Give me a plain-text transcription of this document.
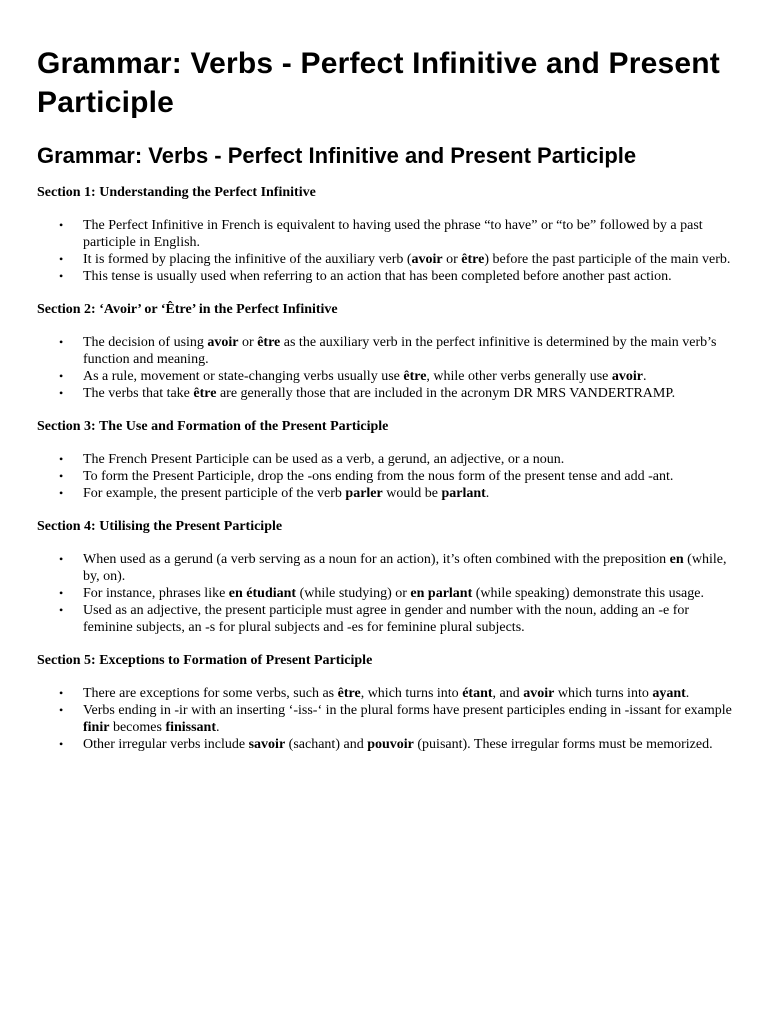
Grammar: Verbs - Perfect Infinitive and Present Participle
Grammar: Verbs - Perfect Infinitive and Present Participle
Section 1: Understanding the Perfect Infinitive
• The Perfect Infinitive in French is equivalent to having used the phrase “to have” or “to be” followed by a past participle in English.
• It is formed by placing the infinitive of the auxiliary verb (avoir or être) before the past participle of the main verb.
• This tense is usually used when referring to an action that has been completed before another past action.
Section 2: ‘Avoir’ or ‘Être’ in the Perfect Infinitive
• The decision of using avoir or être as the auxiliary verb in the perfect infinitive is determined by the main verb’s function and meaning.
• As a rule, movement or state-changing verbs usually use être, while other verbs generally use avoir.
• The verbs that take être are generally those that are included in the acronym DR MRS VANDERTRAMP.
Section 3: The Use and Formation of the Present Participle
• The French Present Participle can be used as a verb, a gerund, an adjective, or a noun.
• To form the Present Participle, drop the -ons ending from the nous form of the present tense and add -ant.
• For example, the present participle of the verb parler would be parlant.
Section 4: Utilising the Present Participle
• When used as a gerund (a verb serving as a noun for an action), it’s often combined with the preposition en (while, by, on).
• For instance, phrases like en étudiant (while studying) or en parlant (while speaking) demonstrate this usage.
• Used as an adjective, the present participle must agree in gender and number with the noun, adding an -e for feminine subjects, an -s for plural subjects and -es for feminine plural subjects.
Section 5: Exceptions to Formation of Present Participle
• There are exceptions for some verbs, such as être, which turns into étant, and avoir which turns into ayant.
• Verbs ending in -ir with an inserting ‘-iss-‘ in the plural forms have present participles ending in -issant for example finir becomes finissant.
• Other irregular verbs include savoir (sachant) and pouvoir (puisant). These irregular forms must be memorized.
